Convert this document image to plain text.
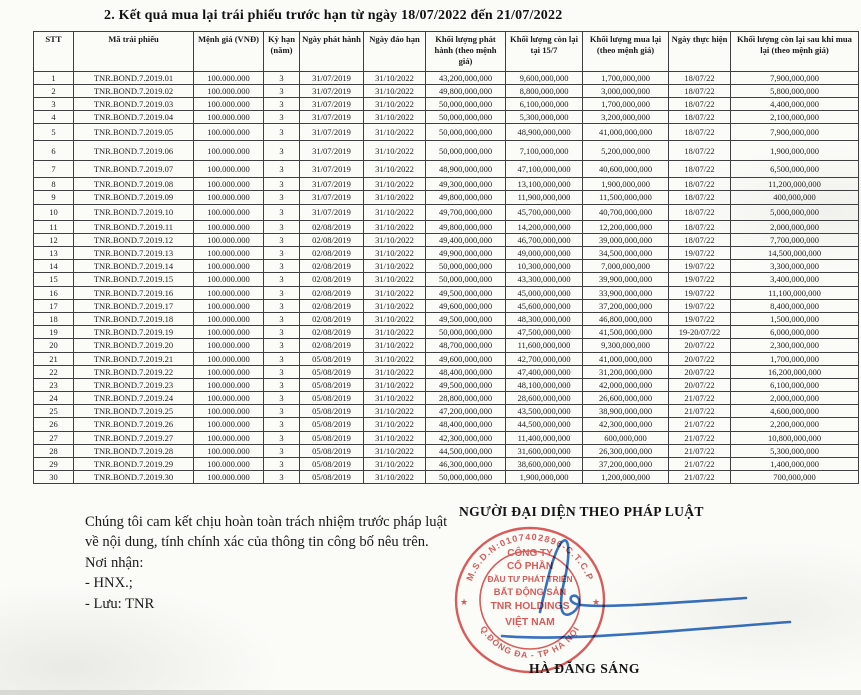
2. Kết quả mua lại trái phiếu trước hạn từ ngày 18/07/2022 đến 21/07/2022
STT	Mã trái phiếu	Mệnh giá (VNĐ)	Kỳ hạn (năm)	Ngày phát hành	Ngày đáo hạn	Khối lượng phát hành (theo mệnh giá)	Khối lượng còn lại tại 15/7	Khối lượng mua lại (theo mệnh giá)	Ngày thực hiện	Khối lượng còn lại sau khi mua lại (theo mệnh giá)
1	TNR.BOND.7.2019.01	100.000.000	3	31/07/2019	31/10/2022	43,200,000,000	9,600,000,000	1,700,000,000	18/07/22	7,900,000,000
2	TNR.BOND.7.2019.02	100.000.000	3	31/07/2019	31/10/2022	49,800,000,000	8,800,000,000	3,000,000,000	18/07/22	5,800,000,000
3	TNR.BOND.7.2019.03	100.000.000	3	31/07/2019	31/10/2022	50,000,000,000	6,100,000,000	1,700,000,000	18/07/22	4,400,000,000
4	TNR.BOND.7.2019.04	100.000.000	3	31/07/2019	31/10/2022	50,000,000,000	5,300,000,000	3,200,000,000	18/07/22	2,100,000,000
5	TNR.BOND.7.2019.05	100.000.000	3	31/07/2019	31/10/2022	50,000,000,000	48,900,000,000	41,000,000,000	18/07/22	7,900,000,000
6	TNR.BOND.7.2019.06	100.000.000	3	31/07/2019	31/10/2022	50,000,000,000	7,100,000,000	5,200,000,000	18/07/22	1,900,000,000
7	TNR.BOND.7.2019.07	100.000.000	3	31/07/2019	31/10/2022	48,900,000,000	47,100,000,000	40,600,000,000	18/07/22	6,500,000,000
8	TNR.BOND.7.2019.08	100.000.000	3	31/07/2019	31/10/2022	49,300,000,000	13,100,000,000	1,900,000,000	18/07/22	11,200,000,000
9	TNR.BOND.7.2019.09	100.000.000	3	31/07/2019	31/10/2022	49,800,000,000	11,900,000,000	11,500,000,000	18/07/22	400,000,000
10	TNR.BOND.7.2019.10	100.000.000	3	31/07/2019	31/10/2022	49,700,000,000	45,700,000,000	40,700,000,000	18/07/22	5,000,000,000
11	TNR.BOND.7.2019.11	100.000.000	3	02/08/2019	31/10/2022	49,800,000,000	14,200,000,000	12,200,000,000	18/07/22	2,000,000,000
12	TNR.BOND.7.2019.12	100.000.000	3	02/08/2019	31/10/2022	49,400,000,000	46,700,000,000	39,000,000,000	18/07/22	7,700,000,000
13	TNR.BOND.7.2019.13	100.000.000	3	02/08/2019	31/10/2022	49,900,000,000	49,000,000,000	34,500,000,000	19/07/22	14,500,000,000
14	TNR.BOND.7.2019.14	100.000.000	3	02/08/2019	31/10/2022	50,000,000,000	10,300,000,000	7,000,000,000	19/07/22	3,300,000,000
15	TNR.BOND.7.2019.15	100.000.000	3	02/08/2019	31/10/2022	50,000,000,000	43,300,000,000	39,900,000,000	19/07/22	3,400,000,000
16	TNR.BOND.7.2019.16	100.000.000	3	02/08/2019	31/10/2022	49,500,000,000	45,000,000,000	33,900,000,000	19/07/22	11,100,000,000
17	TNR.BOND.7.2019.17	100.000.000	3	02/08/2019	31/10/2022	49,600,000,000	45,600,000,000	37,200,000,000	19/07/22	8,400,000,000
18	TNR.BOND.7.2019.18	100.000.000	3	02/08/2019	31/10/2022	49,500,000,000	48,300,000,000	46,800,000,000	19/07/22	1,500,000,000
19	TNR.BOND.7.2019.19	100.000.000	3	02/08/2019	31/10/2022	50,000,000,000	47,500,000,000	41,500,000,000	19-20/07/22	6,000,000,000
20	TNR.BOND.7.2019.20	100.000.000	3	02/08/2019	31/10/2022	48,700,000,000	11,600,000,000	9,300,000,000	20/07/22	2,300,000,000
21	TNR.BOND.7.2019.21	100.000.000	3	05/08/2019	31/10/2022	49,600,000,000	42,700,000,000	41,000,000,000	20/07/22	1,700,000,000
22	TNR.BOND.7.2019.22	100.000.000	3	05/08/2019	31/10/2022	48,400,000,000	47,400,000,000	31,200,000,000	20/07/22	16,200,000,000
23	TNR.BOND.7.2019.23	100.000.000	3	05/08/2019	31/10/2022	49,500,000,000	48,100,000,000	42,000,000,000	20/07/22	6,100,000,000
24	TNR.BOND.7.2019.24	100.000.000	3	05/08/2019	31/10/2022	28,800,000,000	28,600,000,000	26,600,000,000	21/07/22	2,000,000,000
25	TNR.BOND.7.2019.25	100.000.000	3	05/08/2019	31/10/2022	47,200,000,000	43,500,000,000	38,900,000,000	21/07/22	4,600,000,000
26	TNR.BOND.7.2019.26	100.000.000	3	05/08/2019	31/10/2022	48,400,000,000	44,500,000,000	42,300,000,000	21/07/22	2,200,000,000
27	TNR.BOND.7.2019.27	100.000.000	3	05/08/2019	31/10/2022	42,300,000,000	11,400,000,000	600,000,000	21/07/22	10,800,000,000
28	TNR.BOND.7.2019.28	100.000.000	3	05/08/2019	31/10/2022	44,500,000,000	31,600,000,000	26,300,000,000	21/07/22	5,300,000,000
29	TNR.BOND.7.2019.29	100.000.000	3	05/08/2019	31/10/2022	46,300,000,000	38,600,000,000	37,200,000,000	21/07/22	1,400,000,000
30	TNR.BOND.7.2019.30	100.000.000	3	05/08/2019	31/10/2022	50,000,000,000	1,900,000,000	1,200,000,000	21/07/22	700,000,000
Chúng tôi cam kết chịu hoàn toàn trách nhiệm trước pháp luật về nội dung, tính chính xác của thông tin công bố nêu trên.
Nơi nhận:
- HNX.;
- Lưu: TNR
NGƯỜI ĐẠI DIỆN THEO PHÁP LUẬT
M.S.D.N:0107402896-C.T.C.P
Q.ĐỐNG ĐA - TP HÀ NỘI
★	★
CÔNG TY
CỔ PHẦN
ĐẦU TƯ PHÁT TRIỂN
BẤT ĐỘNG SẢN
TNR HOLDINGS
VIỆT NAM
HÀ ĐĂNG SÁNG
